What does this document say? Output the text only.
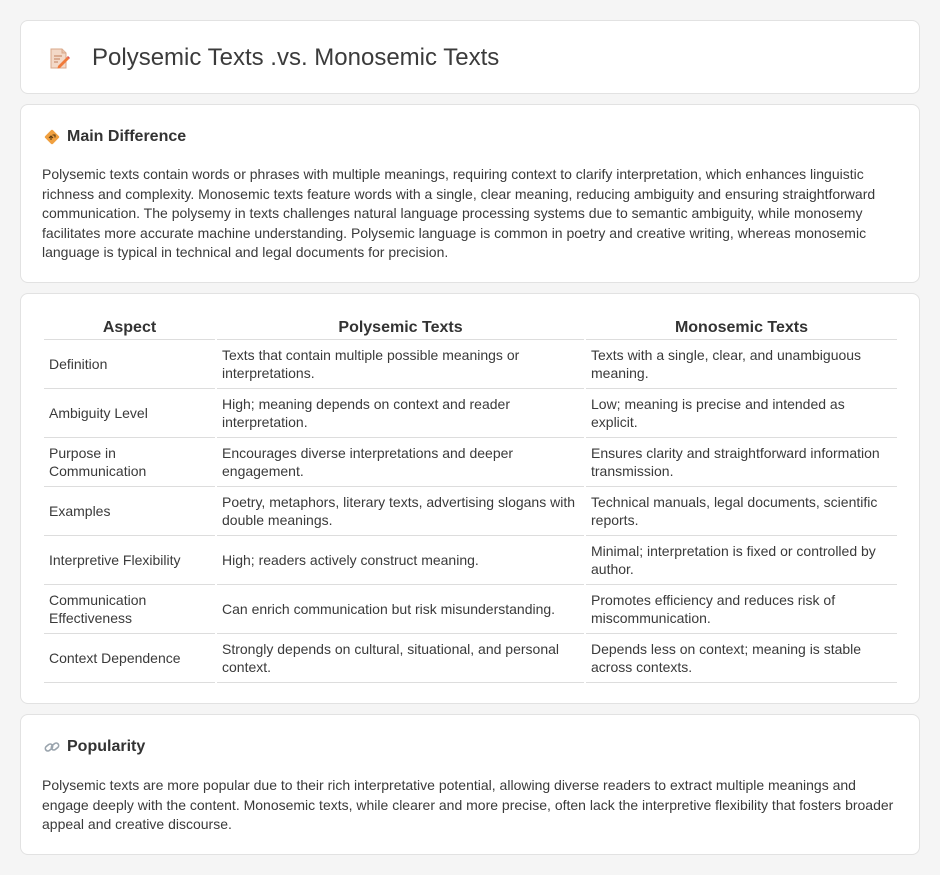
Polysemic Texts .vs. Monosemic Texts
Main Difference

Polysemic texts contain words or phrases with multiple meanings, requiring context to clarify interpretation, which enhances linguistic richness and complexity. Monosemic texts feature words with a single, clear meaning, reducing ambiguity and ensuring straightforward communication. The polysemy in texts challenges natural language processing systems due to semantic ambiguity, while monosemy facilitates more accurate machine understanding. Polysemic language is common in poetry and creative writing, whereas monosemic language is typical in technical and legal documents for precision.

Aspect	Polysemic Texts	Monosemic Texts
Definition	Texts that contain multiple possible meanings or interpretations.	Texts with a single, clear, and unambiguous meaning.
Ambiguity Level	High; meaning depends on context and reader interpretation.	Low; meaning is precise and intended as explicit.
Purpose in Communication	Encourages diverse interpretations and deeper engagement.	Ensures clarity and straightforward information transmission.
Examples	Poetry, metaphors, literary texts, advertising slogans with double meanings.	Technical manuals, legal documents, scientific reports.
Interpretive Flexibility	High; readers actively construct meaning.	Minimal; interpretation is fixed or controlled by author.
Communication Effectiveness	Can enrich communication but risk misunderstanding.	Promotes efficiency and reduces risk of miscommunication.
Context Dependence	Strongly depends on cultural, situational, and personal context.	Depends less on context; meaning is stable across contexts.
Popularity

Polysemic texts are more popular due to their rich interpretative potential, allowing diverse readers to extract multiple meanings and engage deeply with the content. Monosemic texts, while clearer and more precise, often lack the interpretive flexibility that fosters broader appeal and creative discourse.
